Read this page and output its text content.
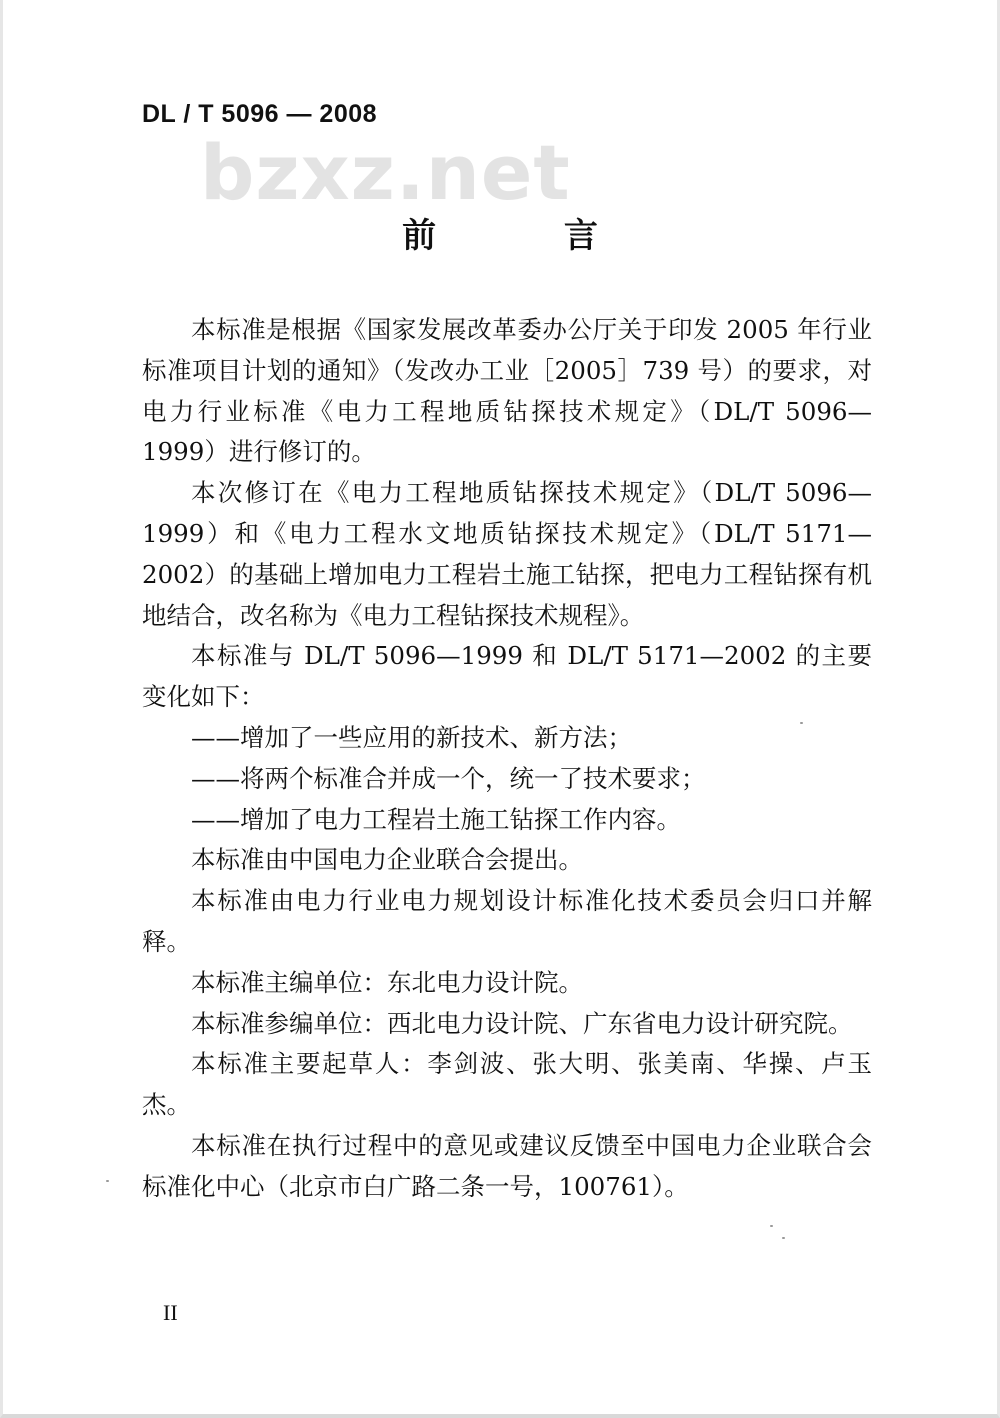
DL / T 5096 — 2008
bzxz.net
前 言

本标准是根据《国家发展改革委办公厅关于印发 2005 年行业标准项目计划的通知》（发改办工业［2005］739 号）的要求，对电力行业标准《电力工程地质钻探技术规定》（DL/T 5096—1999）进行修订的。

本次修订在《电力工程地质钻探技术规定》（DL/T 5096—1999）和《电力工程水文地质钻探技术规定》（DL/T 5171—2002）的基础上增加电力工程岩土施工钻探，把电力工程钻探有机地结合，改名称为《电力工程钻探技术规程》。

本标准与 DL/T 5096—1999 和 DL/T 5171—2002 的主要变化如下：

——增加了一些应用的新技术、新方法；

——将两个标准合并成一个，统一了技术要求；

——增加了电力工程岩土施工钻探工作内容。

本标准由中国电力企业联合会提出。

本标准由电力行业电力规划设计标准化技术委员会归口并解释。

本标准主编单位：东北电力设计院。

本标准参编单位：西北电力设计院、广东省电力设计研究院。

本标准主要起草人：李剑波、张大明、张美南、华操、卢玉杰。

本标准在执行过程中的意见或建议反馈至中国电力企业联合会标准化中心（北京市白广路二条一号，100761）。

II
